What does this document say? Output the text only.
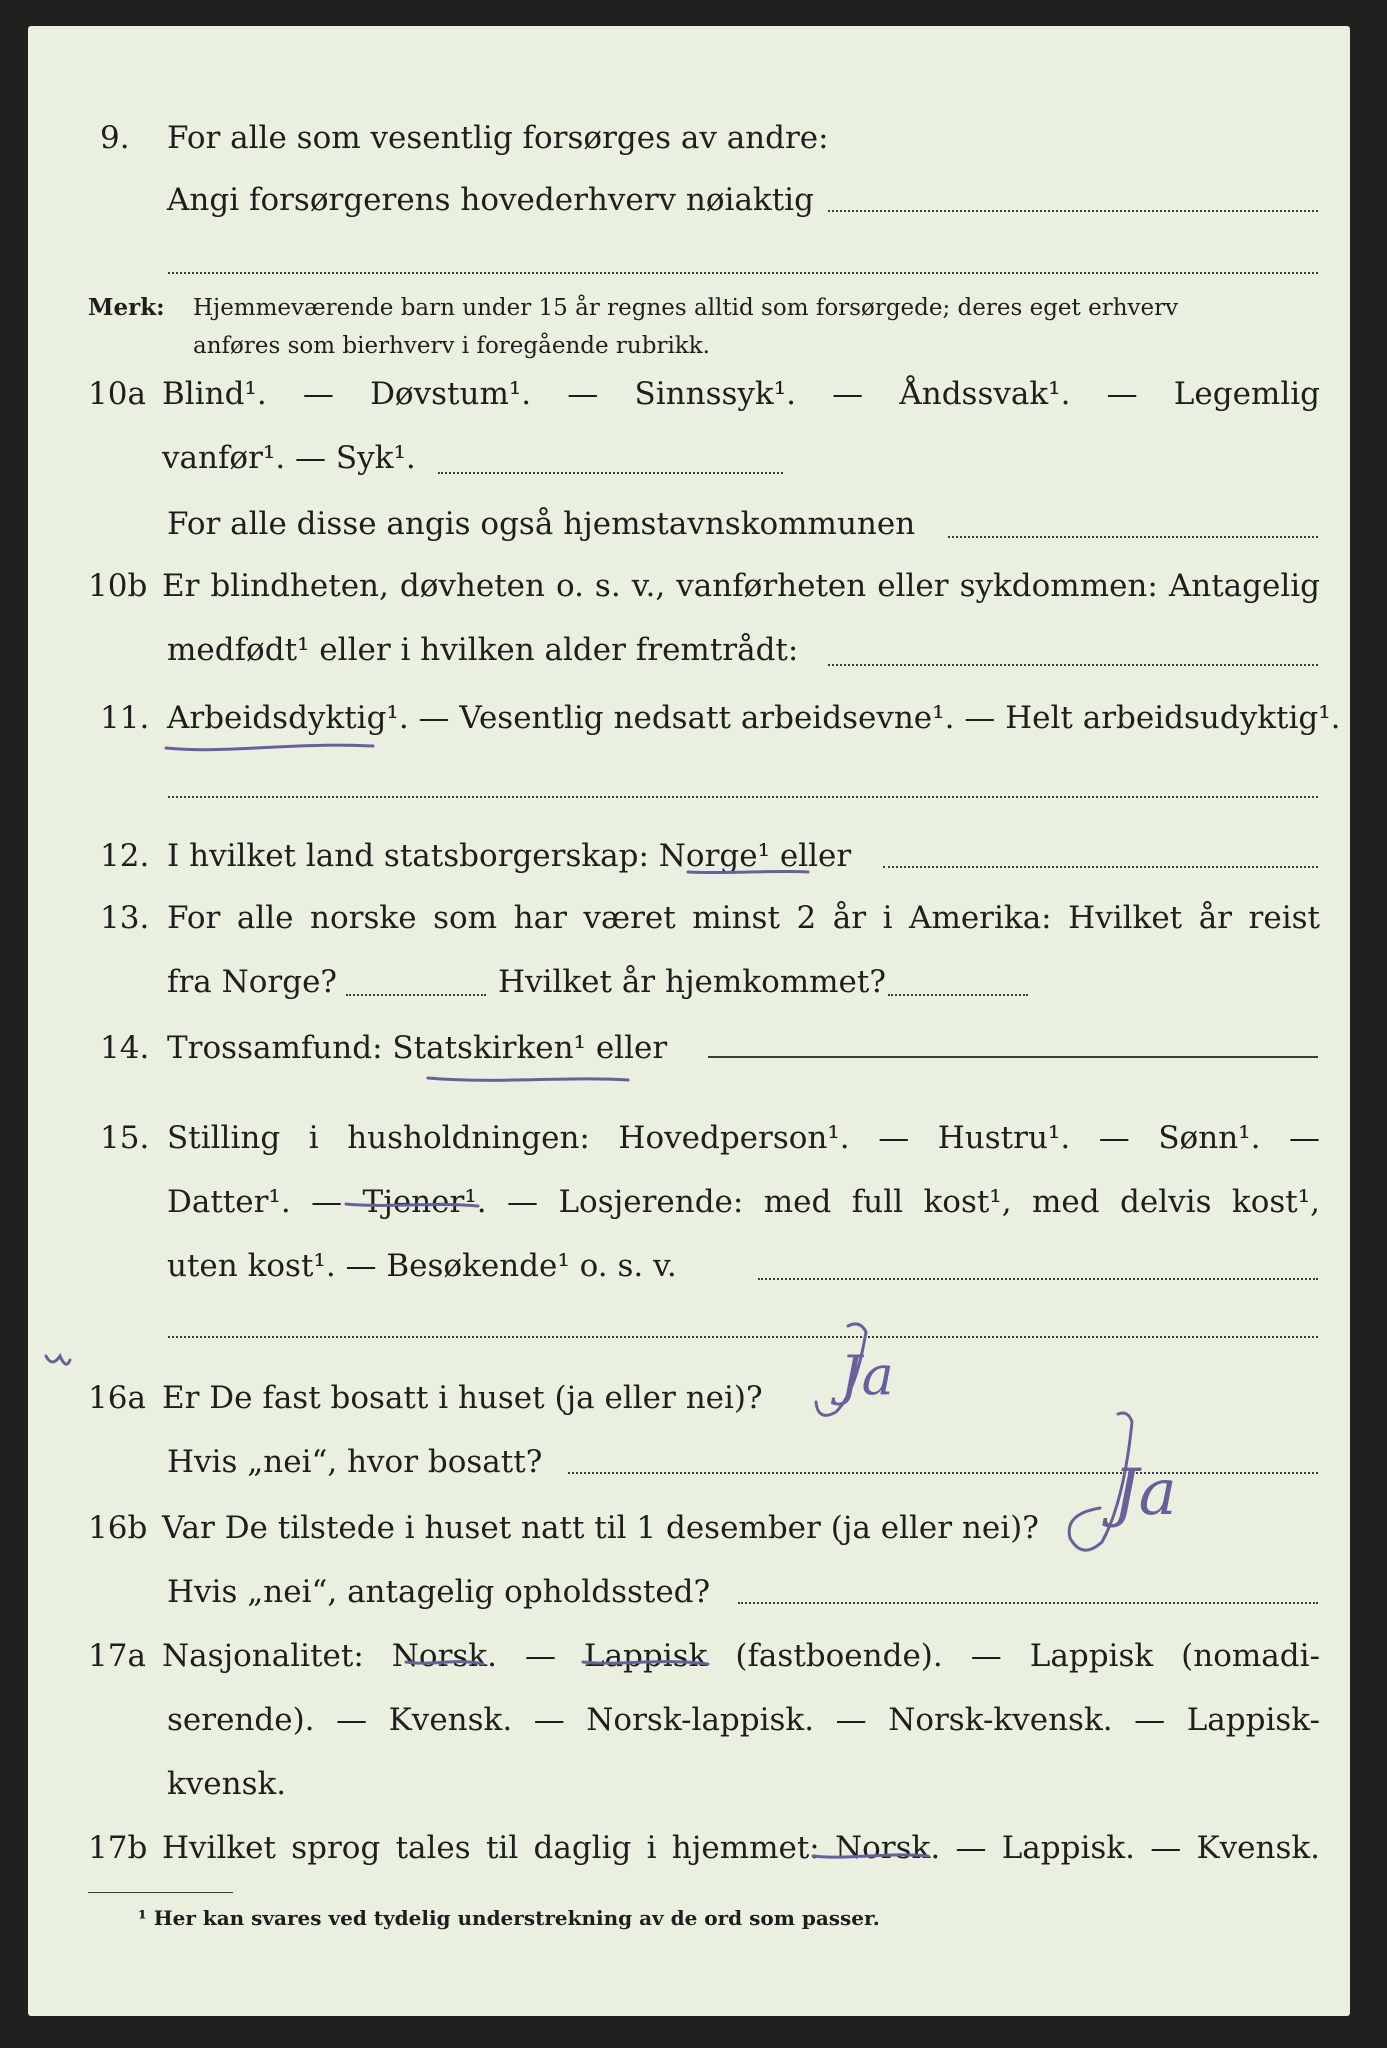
9.	For alle som vesentlig forsørges av andre:
Angi forsørgerens hovederhverv nøiaktig
Merk: Hjemmeværende barn under 15 år regnes alltid som forsørgede; deres eget erhverv
anføres som bierhverv i foregående rubrikk.
10a Blind¹. — Døvstum¹. — Sinnssyk¹. — Åndssvak¹. — Legemlig
vanfør¹. — Syk¹.
For alle disse angis også hjemstavnskommunen
10b Er blindheten, døvheten o. s. v., vanførheten eller sykdommen: Antagelig
medfødt¹ eller i hvilken alder fremtrådt:
11. Arbeidsdyktig¹. — Vesentlig nedsatt arbeidsevne¹. — Helt arbeidsudyktig¹.
12. I hvilket land statsborgerskap: Norge¹ eller
13. For alle norske som har været minst 2 år i Amerika: Hvilket år reist
fra Norge?	Hvilket år hjemkommet?
14. Trossamfund: Statskirken¹ eller
15. Stilling i husholdningen: Hovedperson¹. — Hustru¹. — Sønn¹. —
Datter¹. — Tjener¹. — Losjerende: med full kost¹, med delvis kost¹,
uten kost¹. — Besøkende¹ o. s. v.
16a Er De fast bosatt i huset (ja eller nei)?
Hvis „nei“, hvor bosatt?
16b Var De tilstede i huset natt til 1 desember (ja eller nei)?
Hvis „nei“, antagelig opholdssted?
17a Nasjonalitet: Norsk. — Lappisk (fastboende). — Lappisk (nomadi-
serende). — Kvensk. — Norsk-lappisk. — Norsk-kvensk. — Lappisk-
kvensk.
17b Hvilket sprog tales til daglig i hjemmet: Norsk. — Lappisk. — Kvensk.
¹ Her kan svares ved tydelig understrekning av de ord som passer.
Ja
Ja
